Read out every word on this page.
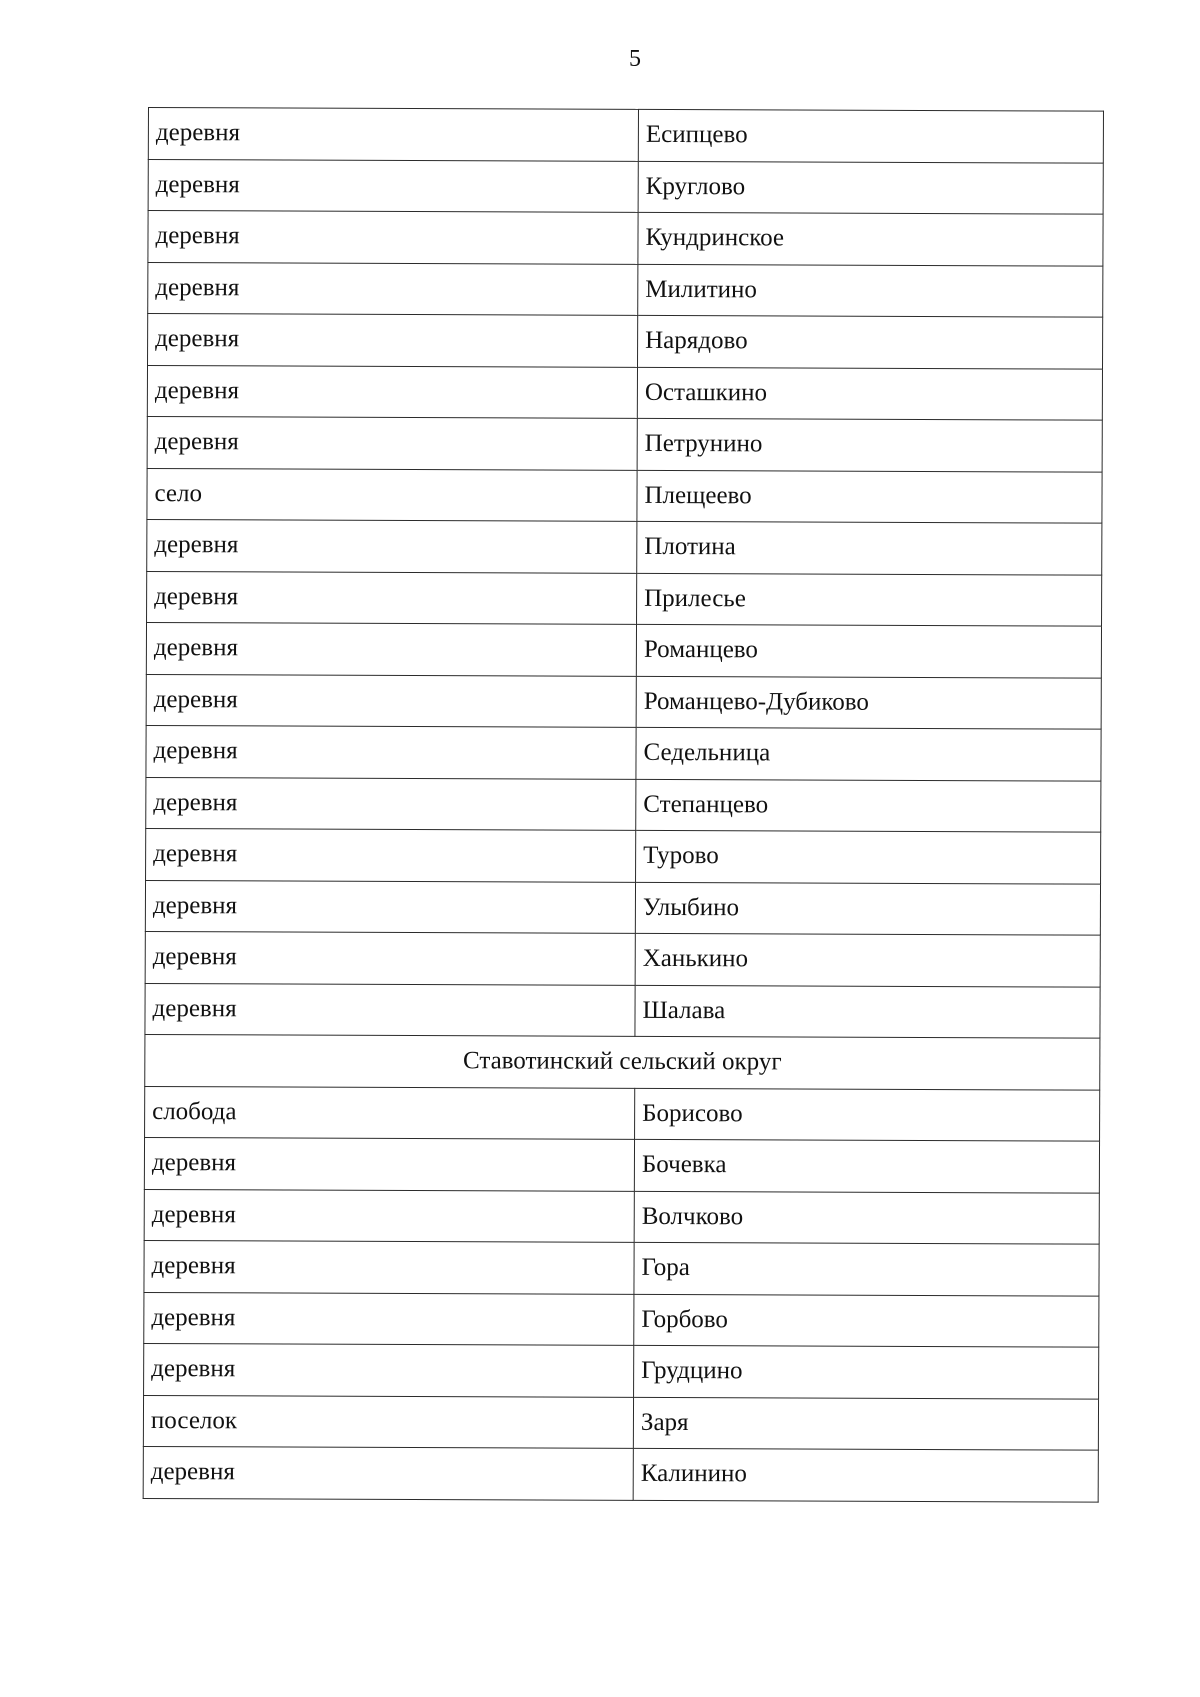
5
деревня	Есипцево
деревня	Круглово
деревня	Кундринское
деревня	Милитино
деревня	Нарядово
деревня	Осташкино
деревня	Петрунино
село	Плещеево
деревня	Плотина
деревня	Прилесье
деревня	Романцево
деревня	Романцево-Дубиково
деревня	Седельница
деревня	Степанцево
деревня	Турово
деревня	Улыбино
деревня	Ханькино
деревня	Шалава
Ставотинский сельский округ	
слобода	Борисово
деревня	Бочевка
деревня	Волчково
деревня	Гора
деревня	Горбово
деревня	Грудцино
поселок	Заря
деревня	Калинино
